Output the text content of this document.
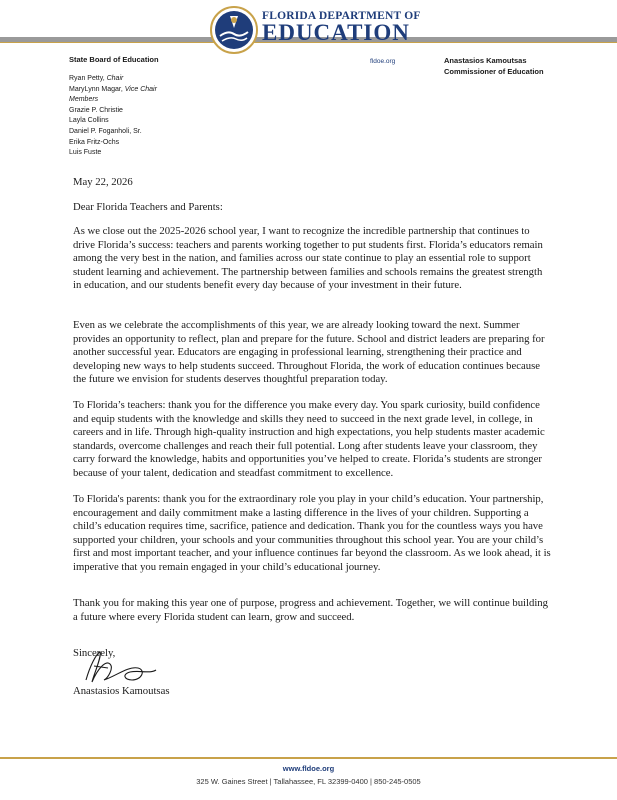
FLORIDA DEPARTMENT OF
EDUCATION
fldoe.org
State Board of Education
Ryan Petty, Chair
MaryLynn Magar, Vice Chair
Members
Grazie P. Christie
Layla Collins
Daniel P. Foganholi, Sr.
Erika Fritz-Ochs
Luis Fuste
Anastasios Kamoutsas
Commissioner of Education
May 22, 2026
Dear Florida Teachers and Parents:
As we close out the 2025-2026 school year, I want to recognize the incredible partnership that continues to drive Florida’s success: teachers and parents working together to put students first. Florida’s educators remain among the very best in the nation, and families across our state continue to play an essential role to support student learning and achievement. The partnership between families and schools remains the greatest strength in education, and our students benefit every day because of your investment in their future.
Even as we celebrate the accomplishments of this year, we are already looking toward the next. Summer provides an opportunity to reflect, plan and prepare for the future. School and district leaders are preparing for another successful year. Educators are engaging in professional learning, strengthening their practice and developing new ways to help students succeed. Throughout Florida, the work of education continues because the future we envision for students deserves thoughtful preparation today.
To Florida’s teachers: thank you for the difference you make every day. You spark curiosity, build confidence and equip students with the knowledge and skills they need to succeed in the next grade level, in college, in careers and in life. Through high-quality instruction and high expectations, you help students master academic standards, overcome challenges and reach their full potential. Long after students leave your classroom, they carry forward the knowledge, habits and opportunities you’ve helped to create. Florida’s students are stronger because of your talent, dedication and steadfast commitment to excellence.
To Florida's parents: thank you for the extraordinary role you play in your child’s education. Your partnership, encouragement and daily commitment make a lasting difference in the lives of your children. Supporting a child’s education requires time, sacrifice, patience and dedication. Thank you for the countless ways you have supported your children, your schools and your communities throughout this school year. You are your child’s first and most important teacher, and your influence continues far beyond the classroom. As we look ahead, it is imperative that you remain engaged in your child’s educational journey.
Thank you for making this year one of purpose, progress and achievement. Together, we will continue building a future where every Florida student can learn, grow and succeed.
Sincerely,
Anastasios Kamoutsas
www.fldoe.org
325 W. Gaines Street | Tallahassee, FL 32399-0400 | 850-245-0505
